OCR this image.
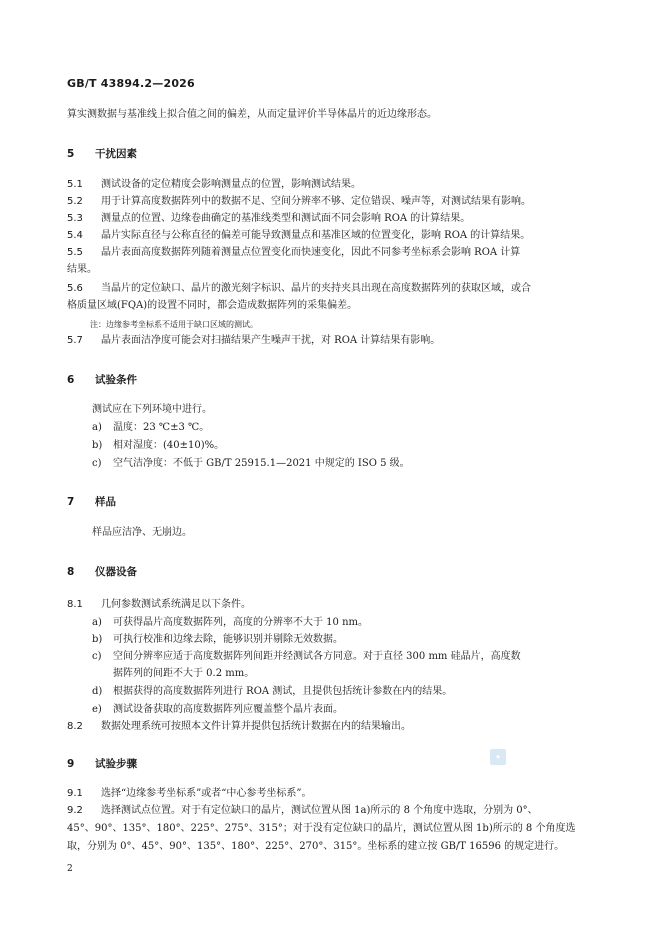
GB/T 43894.2—2026
算实测数据与基准线上拟合值之间的偏差，从而定量评价半导体晶片的近边缘形态。
5 干扰因素
5.1 测试设备的定位精度会影响测量点的位置，影响测试结果。
5.2 用于计算高度数据阵列中的数据不足、空间分辨率不够、定位错误、噪声等，对测试结果有影响。
5.3 测量点的位置、边缘卷曲确定的基准线类型和测试面不同会影响 ROA 的计算结果。
5.4 晶片实际直径与公称直径的偏差可能导致测量点和基准区域的位置变化，影响 ROA 的计算结果。
5.5 晶片表面高度数据阵列随着测量点位置变化而快速变化，因此不同参考坐标系会影响 ROA 计算
结果。
5.6 当晶片的定位缺口、晶片的激光刻字标识、晶片的夹持夹具出现在高度数据阵列的获取区域，或合
格质量区域(FQA)的设置不同时，都会造成数据阵列的采集偏差。
注：边缘参考坐标系不适用于缺口区域的测试。
5.7 晶片表面洁净度可能会对扫描结果产生噪声干扰，对 ROA 计算结果有影响。
6 试验条件
测试应在下列环境中进行。
a) 温度：23 ℃±3 ℃。
b) 相对湿度：(40±10)%。
c) 空气洁净度：不低于 GB/T 25915.1—2021 中规定的 ISO 5 级。
7 样品
样品应洁净、无崩边。
8 仪器设备
8.1 几何参数测试系统满足以下条件。
a) 可获得晶片高度数据阵列，高度的分辨率不大于 10 nm。
b) 可执行校准和边缘去除，能够识别并剔除无效数据。
c) 空间分辨率应适于高度数据阵列间距并经测试各方同意。对于直径 300 mm 硅晶片，高度数
据阵列的间距不大于 0.2 mm。
d) 根据获得的高度数据阵列进行 ROA 测试，且提供包括统计参数在内的结果。
e) 测试设备获取的高度数据阵列应覆盖整个晶片表面。
8.2 数据处理系统可按照本文件计算并提供包括统计数据在内的结果输出。
9 试验步骤
◆
9.1 选择“边缘参考坐标系”或者“中心参考坐标系”。
9.2 选择测试点位置。对于有定位缺口的晶片，测试位置从图 1a)所示的 8 个角度中选取，分别为 0°、
45°、90°、135°、180°、225°、275°、315°；对于没有定位缺口的晶片，测试位置从图 1b)所示的 8 个角度选
取，分别为 0°、45°、90°、135°、180°、225°、270°、315°。坐标系的建立按 GB/T 16596 的规定进行。
2
